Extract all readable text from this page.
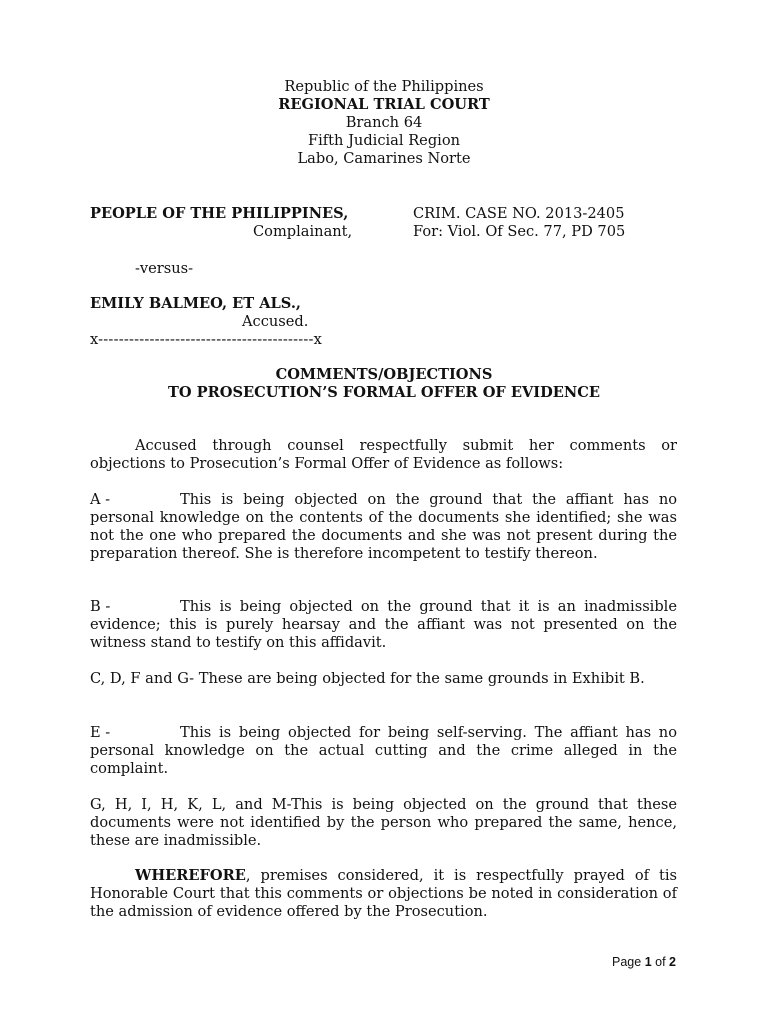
Republic of the Philippines
REGIONAL TRIAL COURT
Branch 64
Fifth Judicial Region
Labo, Camarines Norte
PEOPLE OF THE PHILIPPINES,	CRIM. CASE NO. 2013-2405
Complainant,	For: Viol. Of Sec. 77, PD 705
-versus-
EMILY BALMEO, ET ALS.,
Accused.
x------------------------------------------x
COMMENTS/OBJECTIONS
TO PROSECUTION’S FORMAL OFFER OF EVIDENCE
Accused through counsel respectfully submit her comments or objections to Prosecution’s Formal Offer of Evidence as follows:
A -	This is being objected on the ground that the affiant has no personal knowledge on the contents of the documents she identified; she was not the one who prepared the documents and she was not present during the preparation thereof. She is therefore incompetent to testify thereon.
B -	This is being objected on the ground that it is an inadmissible evidence; this is purely hearsay and the affiant was not presented on the witness stand to testify on this affidavit.
C, D, F and G- These are being objected for the same grounds in Exhibit B.
E -	This is being objected for being self-serving. The affiant has no personal knowledge on the actual cutting and the crime alleged in the complaint.
G, H, I, H, K, L, and M-This is being objected on the ground that these documents were not identified by the person who prepared the same, hence, these are inadmissible.
WHEREFORE, premises considered, it is respectfully prayed of tis Honorable Court that this comments or objections be noted in consideration of the admission of evidence offered by the Prosecution.
Page 1 of 2
